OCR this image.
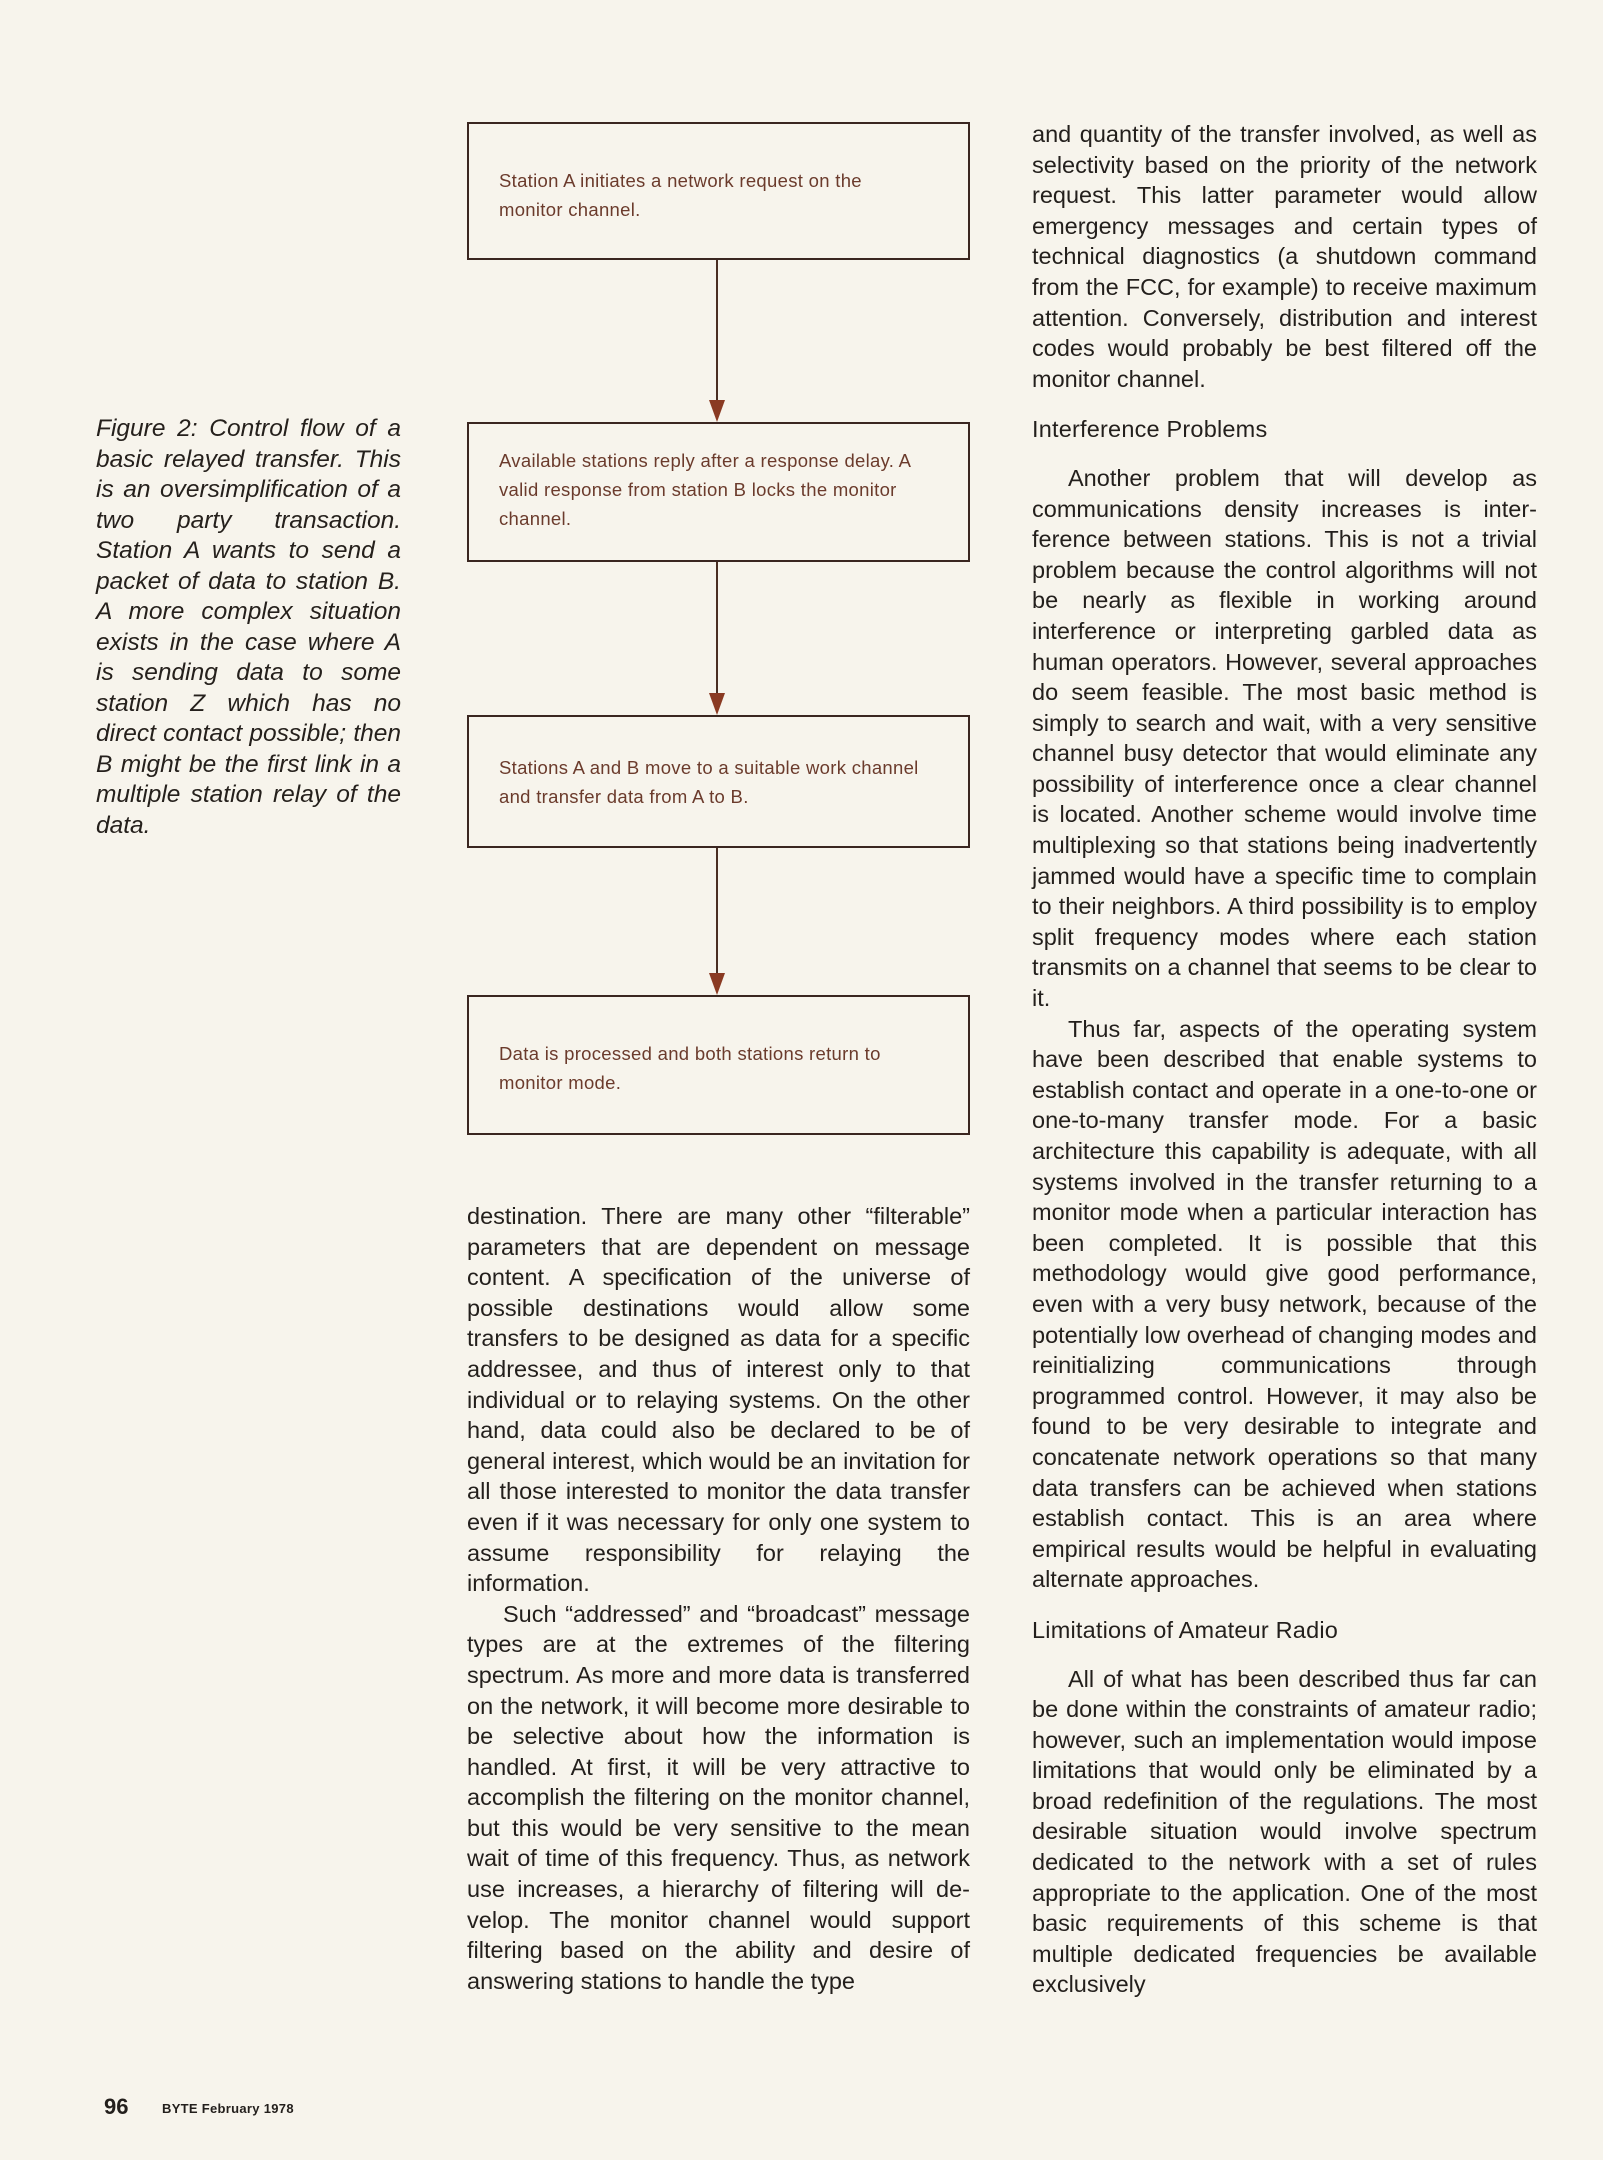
Figure 2: Control flow of a basic relayed transfer. This is an oversimplification of a two party transaction. Station A wants to send a packet of data to station B. A more complex situation exists in the case where A is sending data to some station Z which has no direct contact possible; then B might be the first link in a multiple station relay of the data.
Station A initiates a network request on the monitor channel.
Available stations reply after a response delay. A valid response from station B locks the monitor channel.
Stations A and B move to a suitable work channel and transfer data from A to B.
Data is processed and both stations return to monitor mode.

destination. There are many other “filterable” parameters that are dependent on message content. A specification of the universe of possible destinations would allow some transfers to be designed as data for a specific addressee, and thus of interest only to that individual or to relaying systems. On the other hand, data could also be declared to be of general interest, which would be an invitation for all those interested to monitor the data transfer even if it was necessary for only one system to assume responsibility for relaying the information.

Such “addressed” and “broadcast” message types are at the extremes of the filtering spectrum. As more and more data is transferred on the network, it will become more desirable to be selective about how the information is handled. At first, it will be very attractive to accomplish the filtering on the monitor channel, but this would be very sensitive to the mean wait of time of this frequency. Thus, as network use increases, a hierarchy of filtering will develop. The monitor channel would support filtering based on the ability and desire of answering stations to handle the type

and quantity of the transfer involved, as well as selectivity based on the priority of the network request. This latter parameter would allow emergency messages and certain types of technical diagnostics (a shutdown command from the FCC, for example) to receive maximum attention. Conversely, distribution and interest codes would probably be best filtered off the monitor channel.

Interference Problems

Another problem that will develop as communications density increases is interference between stations. This is not a trivial problem because the control algorithms will not be nearly as flexible in working around interference or interpreting garbled data as human operators. However, several approaches do seem feasible. The most basic method is simply to search and wait, with a very sensitive channel busy detector that would eliminate any possibility of interference once a clear channel is located. Another scheme would involve time multiplexing so that stations being inadvertently jammed would have a specific time to complain to their neighbors. A third possibility is to employ split frequency modes where each station transmits on a channel that seems to be clear to it.

Thus far, aspects of the operating system have been described that enable systems to establish contact and operate in a one-to-one or one-to-many transfer mode. For a basic architecture this capability is adequate, with all systems involved in the transfer returning to a monitor mode when a particular interaction has been completed. It is possible that this methodology would give good performance, even with a very busy network, because of the potentially low overhead of changing modes and reinitializing communications through programmed control. However, it may also be found to be very desirable to integrate and concatenate network operations so that many data transfers can be achieved when stations establish contact. This is an area where empirical results would be helpful in evaluating alternate approaches.

Limitations of Amateur Radio

All of what has been described thus far can be done within the constraints of amateur radio; however, such an implementation would impose limitations that would only be eliminated by a broad redefinition of the regulations. The most desirable situation would involve spectrum dedicated to the network with a set of rules appropriate to the application. One of the most basic requirements of this scheme is that multiple dedicated frequencies be available exclusively

96	BYTE February 1978
